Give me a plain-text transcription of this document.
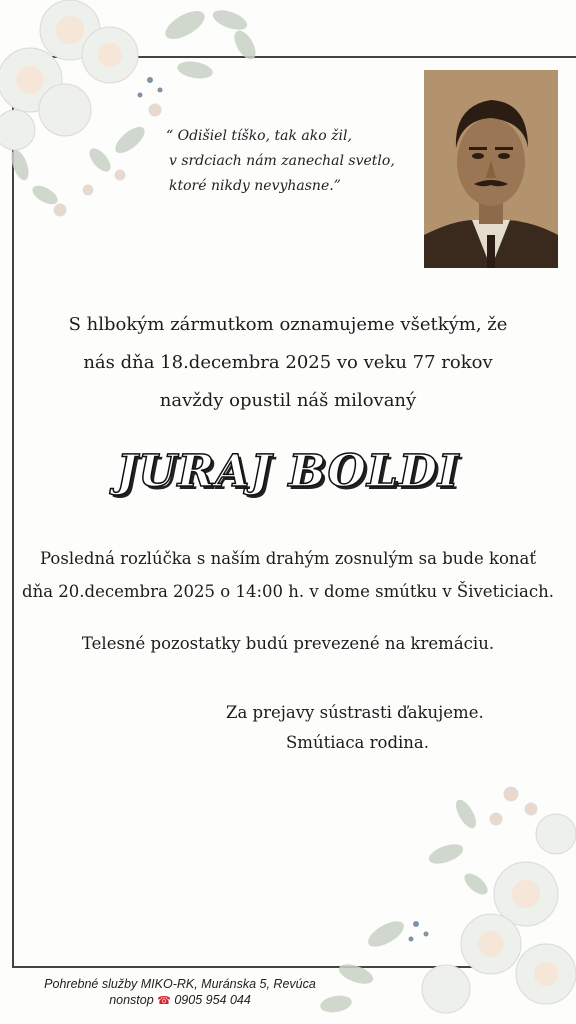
“ Odišiel tíško, tak ako žil,
v srdciach nám zanechal svetlo,
ktoré nikdy nevyhasne.”
S hlbokým zármutkom oznamujeme všetkým, že
nás dňa 18.decembra 2025 vo veku 77 rokov
navždy opustil náš milovaný
JURAJ BOLDI
Posledná rozlúčka s naším drahým zosnulým sa bude konať
dňa 20.decembra 2025 o 14:00 h. v dome smútku v Šiveticiach.
Telesné pozostatky budú prevezené na kremáciu.
Za prejavy sústrasti ďakujeme.
Smútiaca rodina.
Pohrebné služby MIKO-RK, Muránska 5, Revúca
nonstop ☎ 0905 954 044
